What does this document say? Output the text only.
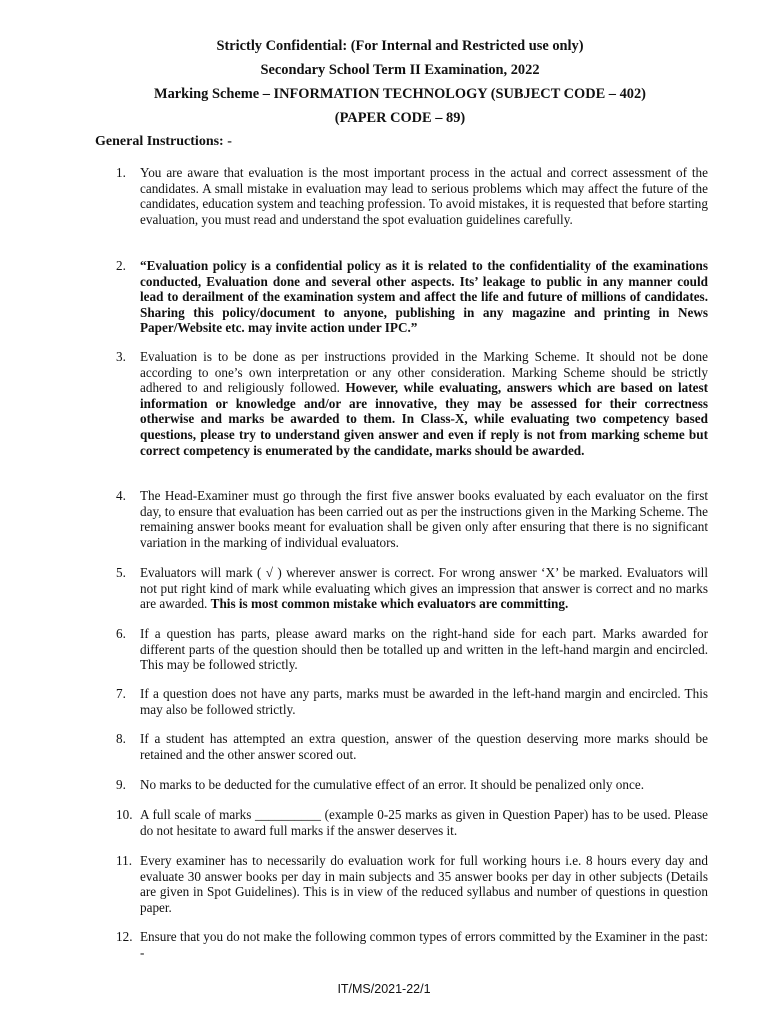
Strictly Confidential: (For Internal and Restricted use only)
Secondary School Term II Examination, 2022
Marking Scheme – INFORMATION TECHNOLOGY (SUBJECT CODE – 402)
(PAPER CODE – 89)
General Instructions: -
1. You are aware that evaluation is the most important process in the actual and correct assessment of the candidates. A small mistake in evaluation may lead to serious problems which may affect the future of the candidates, education system and teaching profession. To avoid mistakes, it is requested that before starting evaluation, you must read and understand the spot evaluation guidelines carefully.
2. “Evaluation policy is a confidential policy as it is related to the confidentiality of the examinations conducted, Evaluation done and several other aspects. Its’ leakage to public in any manner could lead to derailment of the examination system and affect the life and future of millions of candidates. Sharing this policy/document to anyone, publishing in any magazine and printing in News Paper/Website etc. may invite action under IPC.”
3. Evaluation is to be done as per instructions provided in the Marking Scheme. It should not be done according to one’s own interpretation or any other consideration. Marking Scheme should be strictly adhered to and religiously followed. However, while evaluating, answers which are based on latest information or knowledge and/or are innovative, they may be assessed for their correctness otherwise and marks be awarded to them. In Class-X, while evaluating two competency based questions, please try to understand given answer and even if reply is not from marking scheme but correct competency is enumerated by the candidate, marks should be awarded.
4. The Head-Examiner must go through the first five answer books evaluated by each evaluator on the first day, to ensure that evaluation has been carried out as per the instructions given in the Marking Scheme. The remaining answer books meant for evaluation shall be given only after ensuring that there is no significant variation in the marking of individual evaluators.
5. Evaluators will mark ( √ ) wherever answer is correct. For wrong answer ‘X’ be marked. Evaluators will not put right kind of mark while evaluating which gives an impression that answer is correct and no marks are awarded. This is most common mistake which evaluators are committing.
6. If a question has parts, please award marks on the right-hand side for each part. Marks awarded for different parts of the question should then be totalled up and written in the left-hand margin and encircled. This may be followed strictly.
7. If a question does not have any parts, marks must be awarded in the left-hand margin and encircled. This may also be followed strictly.
8. If a student has attempted an extra question, answer of the question deserving more marks should be retained and the other answer scored out.
9. No marks to be deducted for the cumulative effect of an error. It should be penalized only once.
10. A full scale of marks __________ (example 0-25 marks as given in Question Paper) has to be used. Please do not hesitate to award full marks if the answer deserves it.
11. Every examiner has to necessarily do evaluation work for full working hours i.e. 8 hours every day and evaluate 30 answer books per day in main subjects and 35 answer books per day in other subjects (Details are given in Spot Guidelines). This is in view of the reduced syllabus and number of questions in question paper.
12. Ensure that you do not make the following common types of errors committed by the Examiner in the past: -
IT/MS/2021-22/1
